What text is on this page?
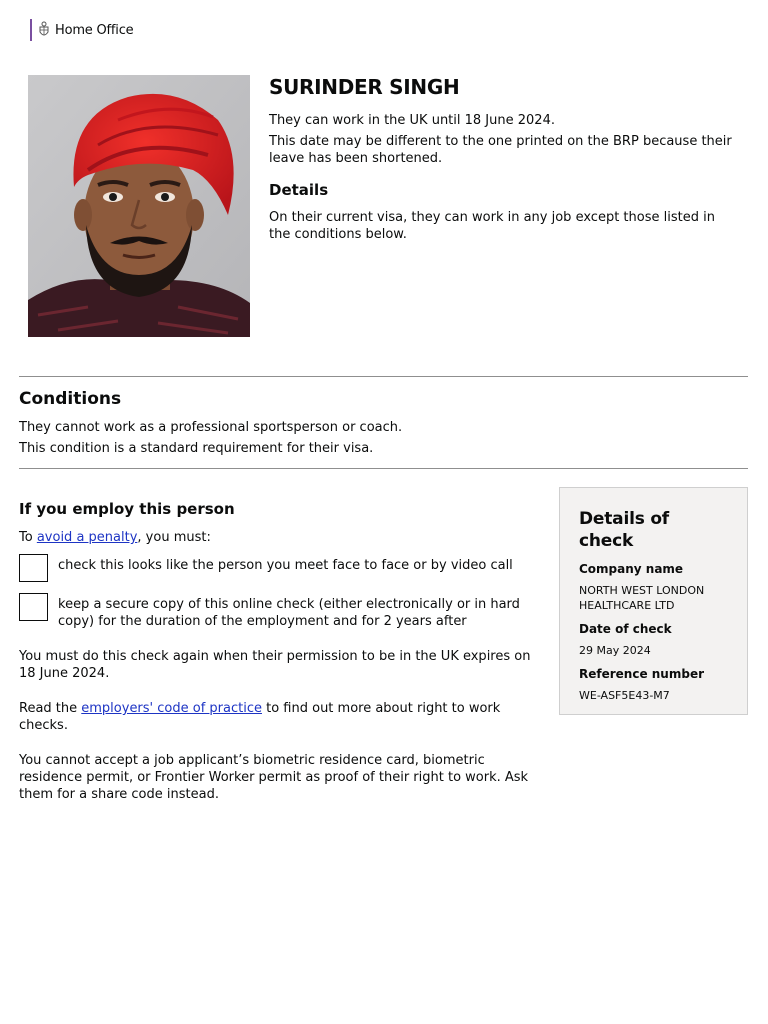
Home Office
SURINDER SINGH

They can work in the UK until 18 June 2024.

This date may be different to the one printed on the BRP because their leave has been shortened.

Details

On their current visa, they can work in any job except those listed in the conditions below.

Conditions

They cannot work as a professional sportsperson or coach.

This condition is a standard requirement for their visa.

If you employ this person

To avoid a penalty, you must:

check this looks like the person you meet face to face or by video call
keep a secure copy of this online check (either electronically or in hard copy) for the duration of the employment and for 2 years after

You must do this check again when their permission to be in the UK expires on 18 June 2024.

Read the employers' code of practice to find out more about right to work checks.

You cannot accept a job applicant’s biometric residence card, biometric residence permit, or Frontier Worker permit as proof of their right to work. Ask them for a share code instead.

Details of check
Company name
NORTH WEST LONDON HEALTHCARE LTD
Date of check
29 May 2024
Reference number
WE-ASF5E43-M7
